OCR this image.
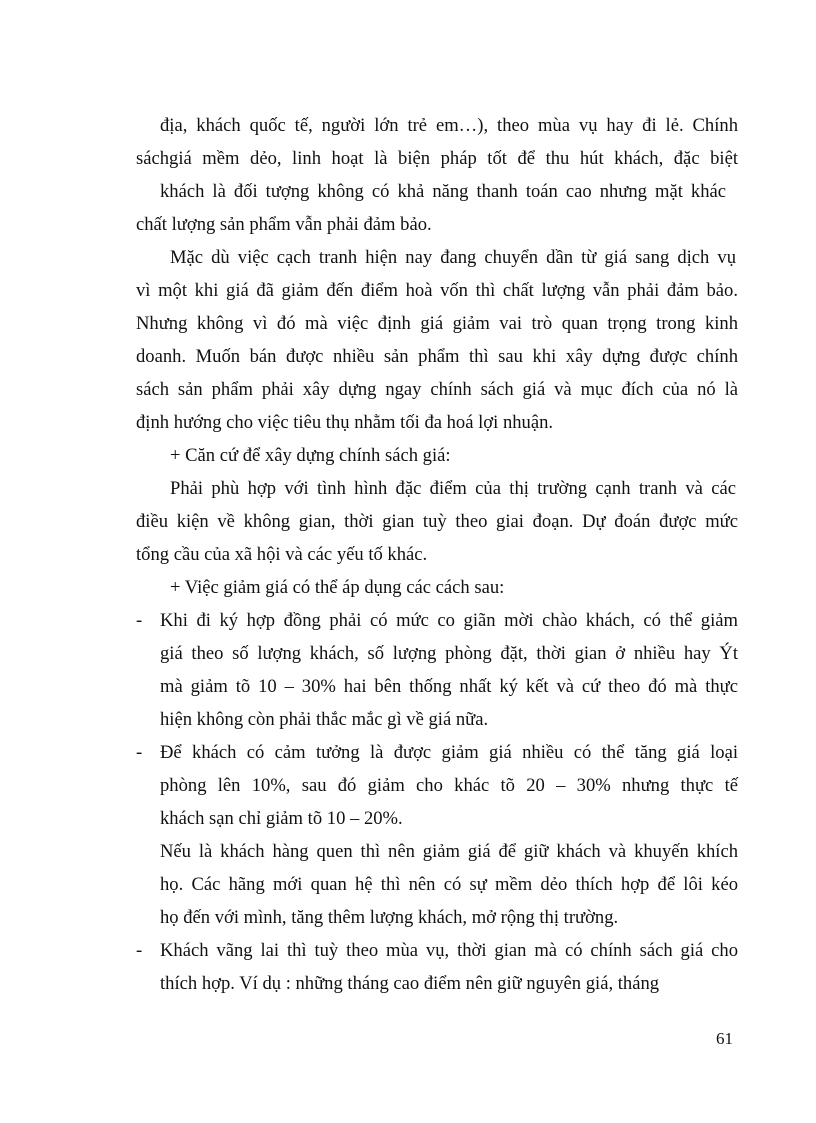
địa, khách quốc tế, người lớn trẻ em…), theo mùa vụ hay đi lẻ. Chính
sáchgiá mềm dẻo, linh hoạt là biện pháp tốt để thu hút khách, đặc biệt
khách là đối tượng không có khả năng thanh toán cao nhưng mặt khác
chất lượng sản phẩm vẫn phải đảm bảo.
Mặc dù việc cạch tranh hiện nay đang chuyển dần từ giá sang dịch vụ
vì một khi giá đã giảm đến điểm hoà vốn thì chất lượng vẫn phải đảm bảo.
Nhưng không vì đó mà việc định giá giảm vai trò quan trọng trong kinh
doanh. Muốn bán được nhiều sản phẩm thì sau khi xây dựng được chính
sách sản phẩm phải xây dựng ngay chính sách giá và mục đích của nó là
định hướng cho việc tiêu thụ nhằm tối đa hoá lợi nhuận.
+ Căn cứ để xây dựng chính sách giá:
Phải phù hợp với tình hình đặc điểm của thị trường cạnh tranh và các
điều kiện về không gian, thời gian tuỳ theo giai đoạn. Dự đoán được mức
tổng cầu của xã hội và các yếu tố khác.
+ Việc giảm giá có thể áp dụng các cách sau:
- Khi đi ký hợp đồng phải có mức co giãn mời chào khách, có thể giảm
giá theo số lượng khách, số lượng phòng đặt, thời gian ở nhiều hay Ýt
mà giảm tõ 10 – 30% hai bên thống nhất ký kết và cứ theo đó mà thực
hiện không còn phải thắc mắc gì về giá nữa.
- Để khách có cảm tưởng là được giảm giá nhiều có thể tăng giá loại
phòng lên 10%, sau đó giảm cho khác tõ 20 – 30% nhưng thực tế
khách sạn chỉ giảm tõ 10 – 20%.
Nếu là khách hàng quen thì nên giảm giá để giữ khách và khuyến khích
họ. Các hãng mới quan hệ thì nên có sự mềm dẻo thích hợp để lôi kéo
họ đến với mình, tăng thêm lượng khách, mở rộng thị trường.
- Khách vãng lai thì tuỳ theo mùa vụ, thời gian mà có chính sách giá cho
thích hợp. Ví dụ : những tháng cao điểm nên giữ nguyên giá, tháng
61
